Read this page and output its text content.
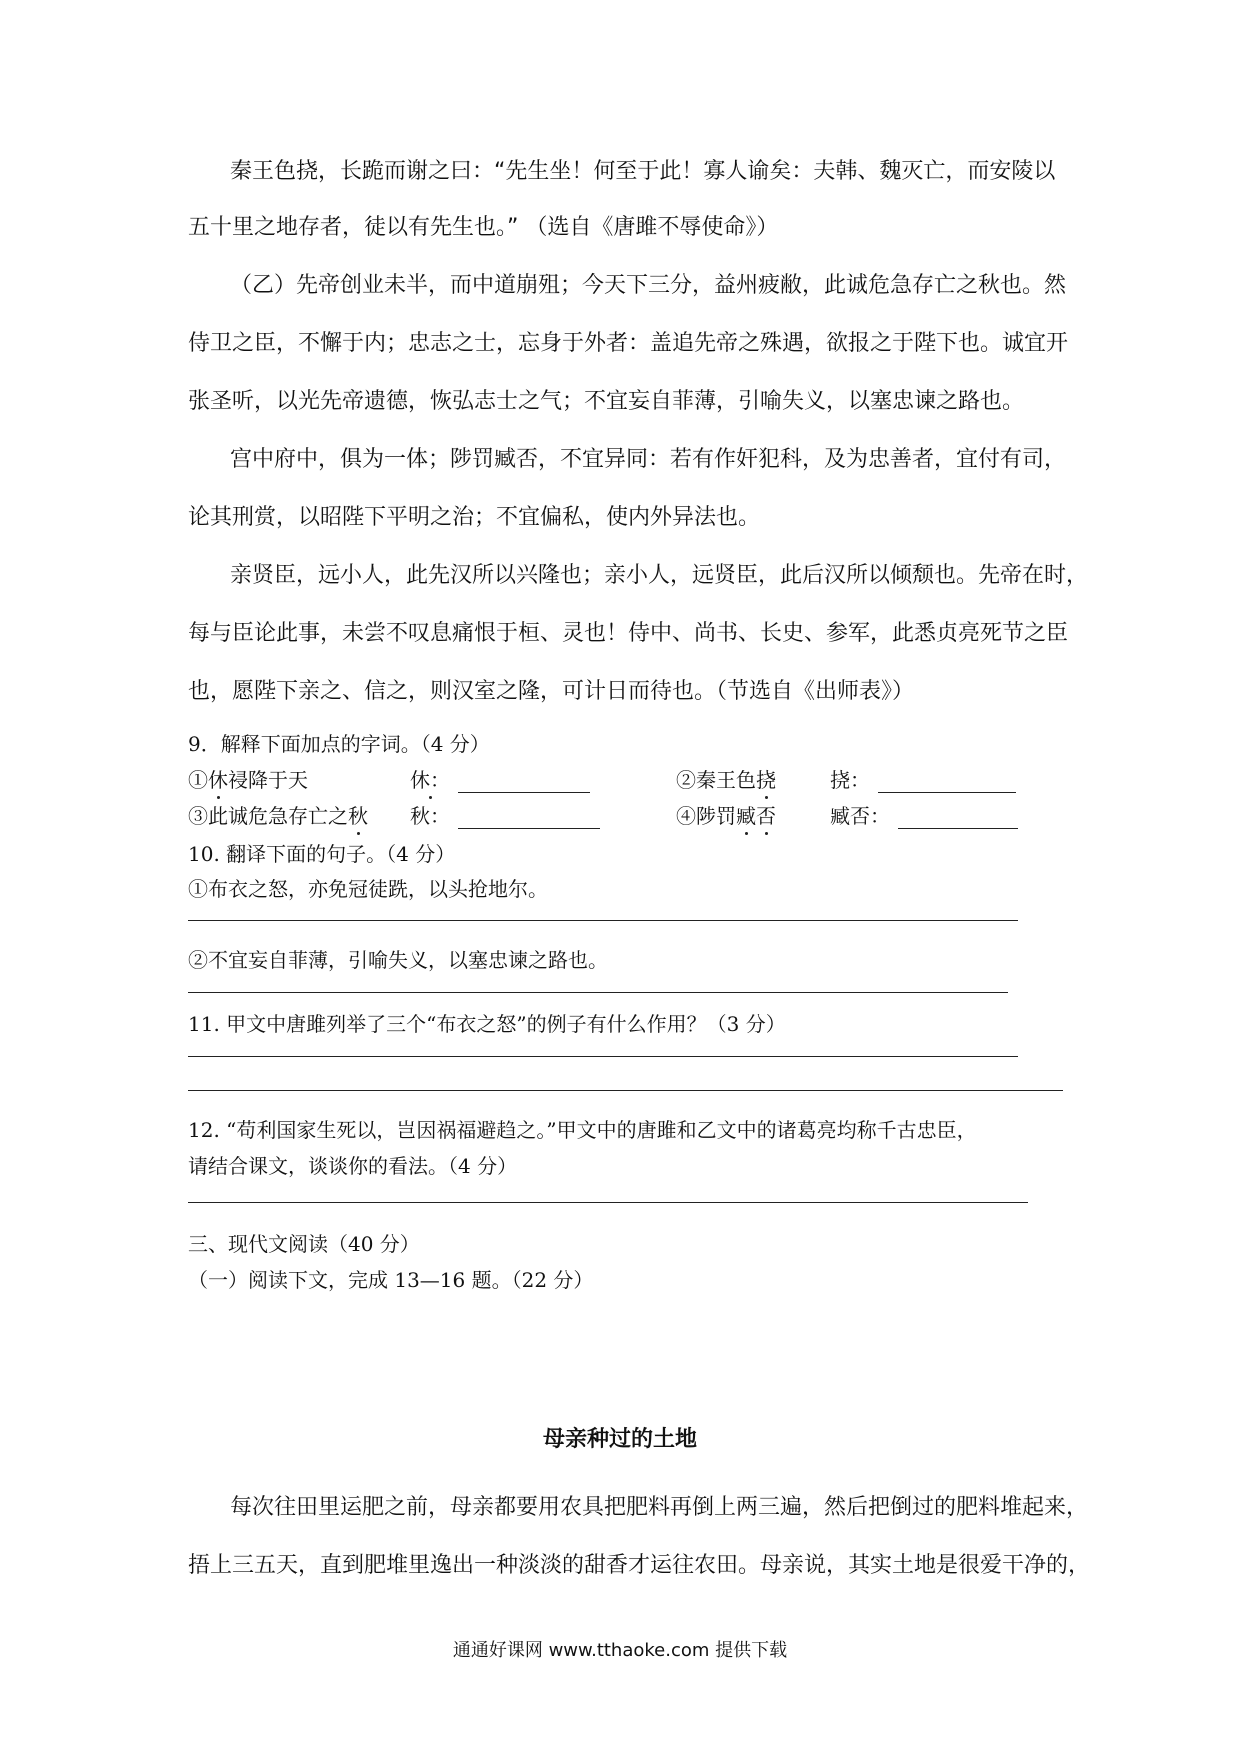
秦王色挠，长跪而谢之曰：“先生坐！何至于此！寡人谕矣：夫韩、魏灭亡，而安陵以
五十里之地存者，徒以有先生也。” （选自《唐雎不辱使命》）
（乙）先帝创业未半，而中道崩殂；今天下三分，益州疲敝，此诚危急存亡之秋也。然
侍卫之臣，不懈于内；忠志之士，忘身于外者：盖追先帝之殊遇，欲报之于陛下也。诚宜开
张圣听，以光先帝遗德，恢弘志士之气；不宜妄自菲薄，引喻失义，以塞忠谏之路也。
宫中府中，俱为一体；陟罚臧否，不宜异同：若有作奸犯科，及为忠善者，宜付有司，
论其刑赏，以昭陛下平明之治；不宜偏私，使内外异法也。
亲贤臣，远小人，此先汉所以兴隆也；亲小人，远贤臣，此后汉所以倾颓也。先帝在时，
每与臣论此事，未尝不叹息痛恨于桓、灵也！侍中、尚书、长史、参军，此悉贞亮死节之臣
也，愿陛下亲之、信之，则汉室之隆，可计日而待也。（节选自《出师表》）
9．解释下面加点的字词。（4 分）
①休祲降于天	休：	②秦王色挠	挠：
③此诚危急存亡之秋 秋：	④陟罚臧否	臧否：
10. 翻译下面的句子。（4 分）
①布衣之怒，亦免冠徒跣，以头抢地尔。
②不宜妄自菲薄，引喻失义，以塞忠谏之路也。
11. 甲文中唐雎列举了三个“布衣之怒”的例子有什么作用？（3 分）
12. “苟利国家生死以，岂因祸福避趋之。”甲文中的唐雎和乙文中的诸葛亮均称千古忠臣，
请结合课文，谈谈你的看法。（4 分）
三、现代文阅读（40 分）
（一）阅读下文，完成 13—16 题。（22 分）
母亲种过的土地
每次往田里运肥之前，母亲都要用农具把肥料再倒上两三遍，然后把倒过的肥料堆起来，
捂上三五天，直到肥堆里逸出一种淡淡的甜香才运往农田。母亲说，其实土地是很爱干净的，
通通好课网 www.tthaoke.com 提供下载
